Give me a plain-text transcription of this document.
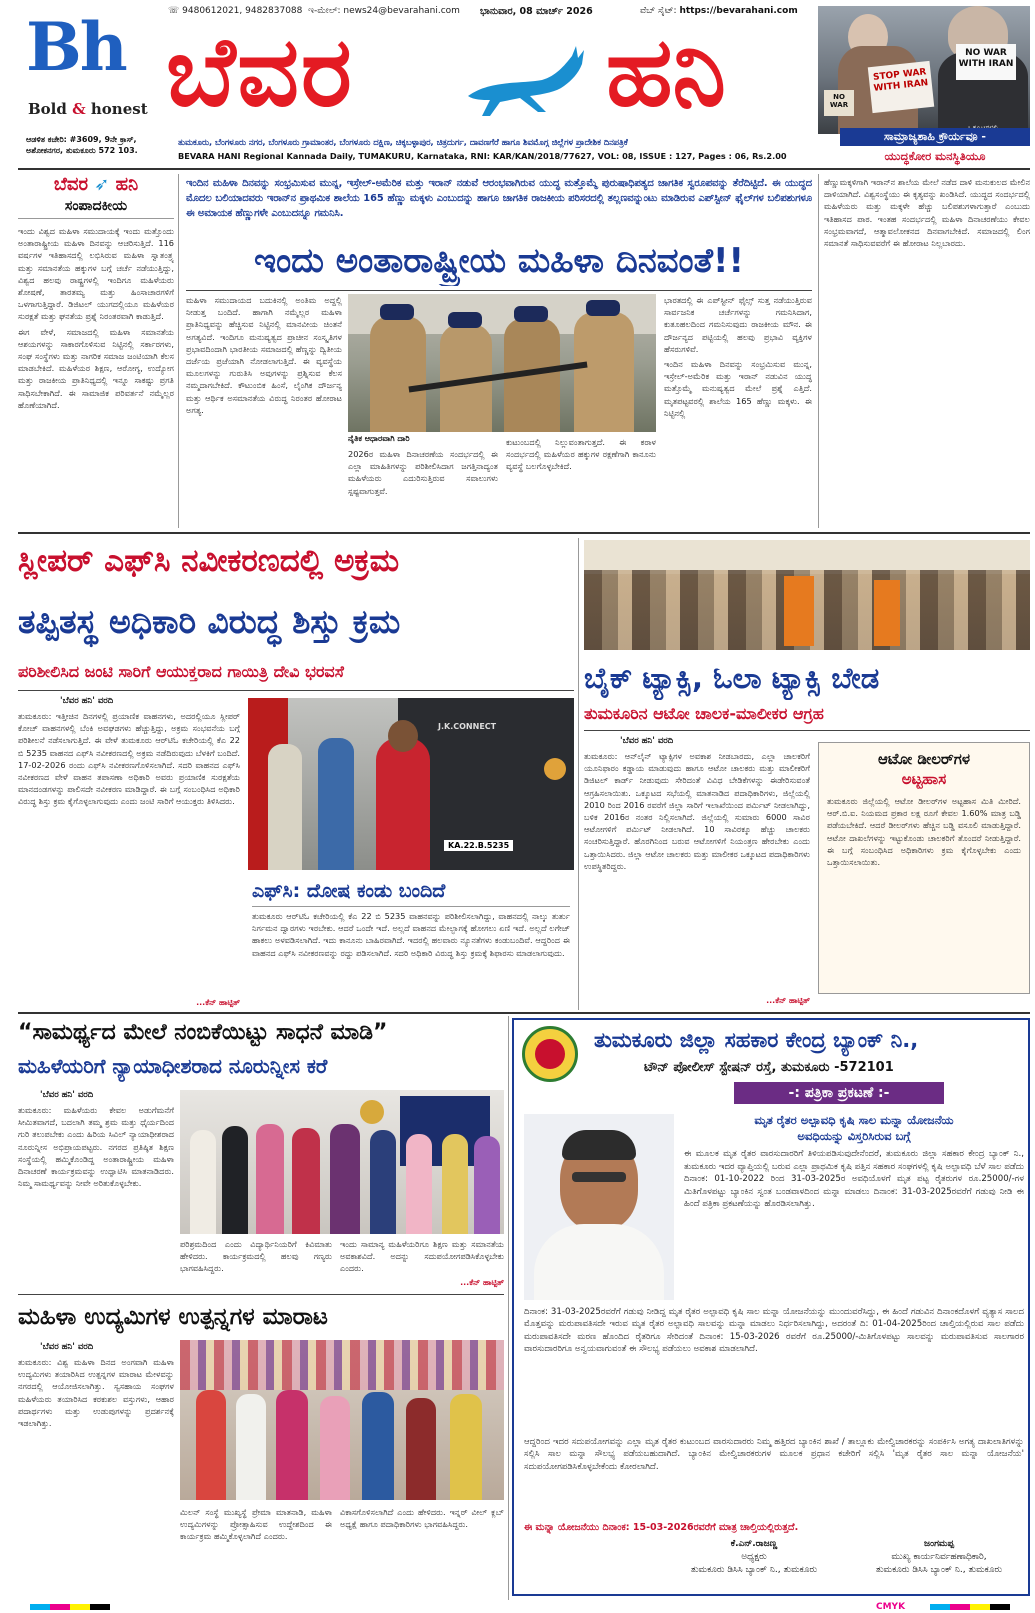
Bh
Bold & honest
☏ 9480612021, 9482837088 ಇ-ಮೇಲ್: news24@bevarahani.com	ಭಾನುವಾರ, 08 ಮಾರ್ಚ್ 2026	ವೆಬ್ ಸೈಟ್: https://bevarahani.com
ಬೆವರ	ಹನಿ
ಆಡಳಿತ ಕಚೇರಿ: #3609, 9ನೇ ಕ್ರಾಸ್,
ಅಶೋಕನಗರ, ತುಮಕೂರು 572 103.
ತುಮಕೂರು, ಬೆಂಗಳೂರು ನಗರ, ಬೆಂಗಳೂರು ಗ್ರಾಮಾಂತರ, ಬೆಂಗಳೂರು ದಕ್ಷಿಣ, ಚಿಕ್ಕಬಳ್ಳಾಪುರ, ಚಿತ್ರದುರ್ಗ, ದಾವಣಗೆರೆ ಹಾಗೂ ಶಿವಮೊಗ್ಗ ಜಿಲ್ಲೆಗಳ ಪ್ರಾದೇಶಿಕ ದಿನಪತ್ರಿಕೆ
BEVARA HANI Regional Kannada Daily, TUMAKURU, Karnataka, RNI: KAR/KAN/2018/77627, VOL: 08, ISSUE : 127, Pages : 06, Rs.2.00
STOP WAR WITH IRAN
NO WAR WITH IRAN
NO WAR
ಸಾಮ್ರಾಜ್ಯಶಾಹಿ ಕ್ರೌರ್ಯವೂ -
ಯುದ್ಧಕೋರ ಮನಸ್ಥಿತಿಯೂ
ಬೆವರ ➶ ಹನಿ
ಸಂಪಾದಕೀಯ

ಇಂದು ವಿಶ್ವದ ಮಹಿಳಾ ಸಮುದಾಯಕ್ಕೆ ಇಂದು ಮತ್ತೊಂದು ಅಂತಾರಾಷ್ಟ್ರೀಯ ಮಹಿಳಾ ದಿನವನ್ನು ಆಚರಿಸುತ್ತಿದೆ. 116 ವರ್ಷಗಳ ಇತಿಹಾಸದಲ್ಲಿ ಲಭಿಸಿರುವ ಮಹಿಳಾ ಸ್ವಾತಂತ್ರ್ಯ ಮತ್ತು ಸಮಾನತೆಯ ಹಕ್ಕುಗಳ ಬಗ್ಗೆ ಚರ್ಚೆ ನಡೆಯುತ್ತಿದ್ದು, ವಿಶ್ವದ ಹಲವು ರಾಷ್ಟ್ರಗಳಲ್ಲಿ ಇಂದಿಗೂ ಮಹಿಳೆಯರು ಶೋಷಣೆ, ತಾರತಮ್ಯ ಮತ್ತು ಹಿಂಸಾಚಾರಗಳಿಗೆ ಒಳಗಾಗುತ್ತಿದ್ದಾರೆ. ಡಿಜಿಟಲ್ ಯುಗದಲ್ಲಿಯೂ ಮಹಿಳೆಯರ ಸುರಕ್ಷತೆ ಮತ್ತು ಘನತೆಯ ಪ್ರಶ್ನೆ ನಿರಂತರವಾಗಿ ಕಾಡುತ್ತಿದೆ.

ಈಗ ವೇಳೆ, ಸಮಾಜದಲ್ಲಿ ಮಹಿಳಾ ಸಮಾನತೆಯ ಆಶಯಗಳನ್ನು ಸಾಕಾರಗೊಳಿಸುವ ನಿಟ್ಟಿನಲ್ಲಿ ಸರ್ಕಾರಗಳು, ಸಂಘ ಸಂಸ್ಥೆಗಳು ಮತ್ತು ನಾಗರಿಕ ಸಮಾಜ ಜಂಟಿಯಾಗಿ ಕೆಲಸ ಮಾಡಬೇಕಿದೆ. ಮಹಿಳೆಯರ ಶಿಕ್ಷಣ, ಆರೋಗ್ಯ, ಉದ್ಯೋಗ ಮತ್ತು ರಾಜಕೀಯ ಪ್ರಾತಿನಿಧ್ಯದಲ್ಲಿ ಇನ್ನೂ ಸಾಕಷ್ಟು ಪ್ರಗತಿ ಸಾಧಿಸಬೇಕಾಗಿದೆ. ಈ ಸಾಮಾಜಿಕ ಪರಿವರ್ತನೆ ನಮ್ಮೆಲ್ಲರ ಹೊಣೆಯಾಗಿದೆ.

ಇಂದಿನ ಮಹಿಳಾ ದಿನವನ್ನು ಸಂಭ್ರಮಿಸುವ ಮುನ್ನ, ಇಸ್ರೇಲ್-ಅಮೆರಿಕ ಮತ್ತು ಇರಾನ್ ನಡುವೆ ಆರಂಭವಾಗಿರುವ ಯುದ್ಧ ಮತ್ತೊಮ್ಮೆ ಪುರುಷಾಧಿಪತ್ಯದ ಜಾಗತಿಕ ಸ್ವರೂಪವನ್ನು ತೆರೆದಿಟ್ಟಿದೆ. ಈ ಯುದ್ಧದ ಮೊದಲ ಬಲಿಯಾದವರು ಇರಾನ್‌ನ ಪ್ರಾಥಮಿಕ ಶಾಲೆಯ 165 ಹೆಣ್ಣು ಮಕ್ಕಳು ಎಂಬುದನ್ನು ಹಾಗೂ ಜಾಗತಿಕ ರಾಜಕೀಯ ಪರಿಸರದಲ್ಲಿ ತಲ್ಲಣವನ್ನುಂಟು ಮಾಡಿರುವ ಎಪ್‌ಸ್ಟೀನ್ ಫೈಲ್‌ಗಳ ಬಲಿಪಶುಗಳೂ ಈ ಅಮಾಯಕ ಹೆಣ್ಣುಗಳೇ ಎಂಬುದನ್ನೂ ಗಮನಿಸಿ.
ಇಂದು ಅಂತಾರಾಷ್ಟ್ರೀಯ ಮಹಿಳಾ ದಿನವಂತೆ!!
ಮಹಿಳಾ ಸಮುದಾಯದ ಬದುಕಿನಲ್ಲಿ ಅಂತಿಮ ಅದ್ದಲ್ಲಿ ನೀಡುತ್ತ ಬಂದಿದೆ. ಹಾಗಾಗಿ ನಮ್ಮೆಲ್ಲರ ಮಹಿಳಾ ಪ್ರಾತಿನಿಧ್ಯವನ್ನು ಹೆಚ್ಚಿಸುವ ನಿಟ್ಟಿನಲ್ಲಿ ಮಾನವೀಯ ಚಿಂತನೆ ಅಗತ್ಯವಿದೆ. ಇಂದಿಗೂ ಮನುಷ್ಯತ್ವದ ಪ್ರಾಚೀನ ಸಂಸ್ಕೃತಿಗಳ ಪ್ರಭಾವದಿಂದಾಗಿ ಭಾರತೀಯ ಸಮಾಜದಲ್ಲಿ ಹೆಣ್ಣನ್ನು ದ್ವಿತೀಯ ದರ್ಜೆಯ ಪ್ರಜೆಯಾಗಿ ನೋಡಲಾಗುತ್ತಿದೆ. ಈ ವ್ಯವಸ್ಥೆಯ ಮೂಲಗಳನ್ನು ಗುರುತಿಸಿ ಅವುಗಳನ್ನು ಪ್ರಶ್ನಿಸುವ ಕೆಲಸ ನಮ್ಮದಾಗಬೇಕಿದೆ. ಕೌಟುಂಬಿಕ ಹಿಂಸೆ, ಲೈಂಗಿಕ ದೌರ್ಜನ್ಯ ಮತ್ತು ಆರ್ಥಿಕ ಅಸಮಾನತೆಯ ವಿರುದ್ಧ ನಿರಂತರ ಹೋರಾಟ ಅಗತ್ಯ.
ನೈತಿಕ ಆಧಾರವಾಗಿ ದಾರಿ
2026ರ ಮಹಿಳಾ ದಿನಾಚರಣೆಯ ಸಂದರ್ಭದಲ್ಲಿ ಈ ಎಲ್ಲಾ ಮಾಹಿತಿಗಳನ್ನು ಪರಿಶೀಲಿಸಿದಾಗ ಜಗತ್ತಿನಾದ್ಯಂತ ಮಹಿಳೆಯರು ಎದುರಿಸುತ್ತಿರುವ ಸವಾಲುಗಳು ಸ್ಪಷ್ಟವಾಗುತ್ತವೆ.
ಕುಟುಂಬದಲ್ಲಿ ನಿಲ್ಲುವಂತಾಗುತ್ತದೆ. ಈ ಕರಾಳ ಸಂದರ್ಭದಲ್ಲಿ ಮಹಿಳೆಯರ ಹಕ್ಕುಗಳ ರಕ್ಷಣೆಗಾಗಿ ಕಾನೂನು ವ್ಯವಸ್ಥೆ ಬಲಗೊಳ್ಳಬೇಕಿದೆ.

ಭಾರತದಲ್ಲಿ ಈ ಎಪ್‌ಸ್ಟೀನ್ ಫೈಲ್ಸ್ ಸುತ್ತ ನಡೆಯುತ್ತಿರುವ ಸಾರ್ವಜನಿಕ ಚರ್ಚೆಗಳನ್ನು ಗಮನಿಸಿದಾಗ, ಕುತೂಹಲದಿಂದ ಗಮನಿಸುವುದು ರಾಜಕೀಯ ಮೌನ. ಈ ದೌರ್ಜನ್ಯದ ಪಟ್ಟಿಯಲ್ಲಿ ಹಲವು ಪ್ರಭಾವಿ ವ್ಯಕ್ತಿಗಳ ಹೆಸರುಗಳಿವೆ.

ಇಂದಿನ ಮಹಿಳಾ ದಿನವನ್ನು ಸಂಭ್ರಮಿಸುವ ಮುನ್ನ, ಇಸ್ರೇಲ್-ಅಮೆರಿಕ ಮತ್ತು ಇರಾನ್ ನಡುವಿನ ಯುದ್ಧ ಮತ್ತೊಮ್ಮೆ ಮನುಷ್ಯತ್ವದ ಮೇಲೆ ಪ್ರಶ್ನೆ ಎತ್ತಿದೆ. ಮೃತಪಟ್ಟವರಲ್ಲಿ ಶಾಲೆಯ 165 ಹೆಣ್ಣು ಮಕ್ಕಳು. ಈ ನಿಟ್ಟಿನಲ್ಲಿ

ಹೆಣ್ಣುಮಕ್ಕಳಿಗಾಗಿ ಇರಾನ್‌ನ ಶಾಲೆಯ ಮೇಲೆ ನಡೆದ ದಾಳಿ ಮನುಕುಲದ ಮೇಲಿನ ದಾಳಿಯಾಗಿದೆ. ವಿಶ್ವಸಂಸ್ಥೆಯು ಈ ಕೃತ್ಯವನ್ನು ಖಂಡಿಸಿದೆ. ಯುದ್ಧದ ಸಂದರ್ಭದಲ್ಲಿ ಮಹಿಳೆಯರು ಮತ್ತು ಮಕ್ಕಳೇ ಹೆಚ್ಚು ಬಲಿಪಶುಗಳಾಗುತ್ತಾರೆ ಎಂಬುದು ಇತಿಹಾಸದ ಪಾಠ. ಇಂತಹ ಸಂದರ್ಭದಲ್ಲಿ ಮಹಿಳಾ ದಿನಾಚರಣೆಯು ಕೇವಲ ಸಂಭ್ರಮವಾಗದೆ, ಆತ್ಮಾವಲೋಕನದ ದಿನವಾಗಬೇಕಿದೆ. ಸಮಾಜದಲ್ಲಿ ಲಿಂಗ ಸಮಾನತೆ ಸಾಧಿಸುವವರೆಗೆ ಈ ಹೋರಾಟ ನಿಲ್ಲಬಾರದು.
ಸ್ಲೀಪರ್ ಎಫ್‌ಸಿ ನವೀಕರಣದಲ್ಲಿ ಅಕ್ರಮ
ತಪ್ಪಿತಸ್ಥ ಅಧಿಕಾರಿ ವಿರುದ್ಧ ಶಿಸ್ತು ಕ್ರಮ
ಪರಿಶೀಲಿಸಿದ ಜಂಟಿ ಸಾರಿಗೆ ಆಯುಕ್ತರಾದ ಗಾಯಿತ್ರಿ ದೇವಿ ಭರವಸೆ
'ಬೆವರ ಹನಿ' ವರದಿ
ತುಮಕೂರು: ಇತ್ತೀಚಿನ ದಿನಗಳಲ್ಲಿ ಪ್ರಯಾಣಿಕ ವಾಹನಗಳು, ಅದರಲ್ಲಿಯೂ ಸ್ಲೀಪರ್ ಕೋಚ್ ವಾಹನಗಳಲ್ಲಿ ಬೆಂಕಿ ಅವಘಡಗಳು ಹೆಚ್ಚುತ್ತಿದ್ದು, ಅಕ್ರಮ ಸಂಭವನೆಯ ಬಗ್ಗೆ ಪರಿಶೀಲನೆ ನಡೆಸಲಾಗುತ್ತಿದೆ. ಈ ವೇಳೆ ತುಮಕೂರು ಆರ್‌ಟಿಓ ಕಚೇರಿಯಲ್ಲಿ ಕೆಎ 22 ಬಿ 5235 ವಾಹನದ ಎಫ್‌ಸಿ ನವೀಕರಣದಲ್ಲಿ ಅಕ್ರಮ ನಡೆದಿರುವುದು ಬೆಳಕಿಗೆ ಬಂದಿದೆ. 17-02-2026 ರಂದು ಎಫ್‌ಸಿ ನವೀಕರಣಗೊಳಿಸಲಾಗಿದೆ. ಸದರಿ ವಾಹನದ ಎಫ್‌ಸಿ ನವೀಕರಣದ ವೇಳೆ ವಾಹನ ತಪಾಸಣಾ ಅಧಿಕಾರಿ ಅವರು ಪ್ರಯಾಣಿಕ ಸುರಕ್ಷತೆಯ ಮಾನದಂಡಗಳನ್ನು ಪಾಲಿಸದೇ ನವೀಕರಣ ಮಾಡಿದ್ದಾರೆ. ಈ ಬಗ್ಗೆ ಸಂಬಂಧಿಸಿದ ಅಧಿಕಾರಿ ವಿರುದ್ಧ ಶಿಸ್ತು ಕ್ರಮ ಕೈಗೊಳ್ಳಲಾಗುವುದು ಎಂದು ಜಂಟಿ ಸಾರಿಗೆ ಆಯುಕ್ತರು ತಿಳಿಸಿದರು.
...ಕೆನ್ ಹಾಟ್ಪಿತ್
J.K.CONNECT
KA.22.B.5235
ಎಫ್‌ಸಿ: ದೋಷ ಕಂಡು ಬಂದಿದೆ
ತುಮಕೂರು ಆರ್‌ಟಿಓ ಕಚೇರಿಯಲ್ಲಿ ಕೆಎ 22 ಬಿ 5235 ವಾಹನವನ್ನು ಪರಿಶೀಲಿಸಲಾಗಿದ್ದು, ವಾಹನದಲ್ಲಿ ನಾಲ್ಕು ತುರ್ತು ನಿರ್ಗಮನ ದ್ವಾರಗಳು ಇರಬೇಕು. ಆದರೆ ಒಂದೇ ಇದೆ. ಅಲ್ಲದೆ ವಾಹನದ ಮೇಲ್ಭಾಗಕ್ಕೆ ಹೋಗಲು ಏಣಿ ಇದೆ. ಅಲ್ಲದೆ ಲಗೇಜ್ ಹಾಕಲು ಅಳವಡಿಸಲಾಗಿದೆ. ಇದು ಕಾನೂನು ಬಾಹಿರವಾಗಿದೆ. ಇದರಲ್ಲಿ ಹಲವಾರು ನ್ಯೂನತೆಗಳು ಕಂಡುಬಂದಿವೆ. ಆದ್ದರಿಂದ ಈ ವಾಹನದ ಎಫ್‌ಸಿ ನವೀಕರಣವನ್ನು ರದ್ದು ಪಡಿಸಲಾಗಿದೆ. ಸದರಿ ಅಧಿಕಾರಿ ವಿರುದ್ಧ ಶಿಸ್ತು ಕ್ರಮಕ್ಕೆ ಶಿಫಾರಸು ಮಾಡಲಾಗುವುದು.
ಬೈಕ್ ಟ್ಯಾಕ್ಸಿ, ಓಲಾ ಟ್ಯಾಕ್ಸಿ ಬೇಡ
ತುಮಕೂರಿನ ಆಟೋ ಚಾಲಕ-ಮಾಲೀಕರ ಆಗ್ರಹ
'ಬೆವರ ಹನಿ' ವರದಿ
ತುಮಕೂರು: ಆನ್‌ಲೈನ್ ಟ್ಯಾಕ್ಸಿಗಳ ಅವಕಾಶ ನೀಡಬಾರದು, ಎಲ್ಲಾ ಚಾಲಕರಿಗೆ ಯೂನಿಫಾರಂ ಕಡ್ಡಾಯ ಮಾಡುವುದು ಹಾಗೂ ಆಟೋ ಚಾಲಕರು ಮತ್ತು ಮಾಲೀಕರಿಗೆ ಡಿಜಿಟಲ್ ಕಾರ್ಡ್ ನೀಡುವುದು ಸೇರಿದಂತೆ ವಿವಿಧ ಬೇಡಿಕೆಗಳನ್ನು ಈಡೇರಿಸುವಂತೆ ಆಗ್ರಹಿಸಲಾಯಿತು. ಒಕ್ಕೂಟದ ಸಭೆಯಲ್ಲಿ ಮಾತನಾಡಿದ ಪದಾಧಿಕಾರಿಗಳು, ಜಿಲ್ಲೆಯಲ್ಲಿ 2010 ರಿಂದ 2016 ರವರೆಗೆ ಜಿಲ್ಲಾ ಸಾರಿಗೆ ಇಲಾಖೆಯಿಂದ ಪರ್ಮಿಟ್ ನೀಡಲಾಗಿದ್ದು, ಬಳಿಕ 2016ರ ನಂತರ ನಿಲ್ಲಿಸಲಾಗಿದೆ. ಜಿಲ್ಲೆಯಲ್ಲಿ ಸುಮಾರು 6000 ಸಾವಿರ ಆಟೋಗಳಿಗೆ ಪರ್ಮಿಟ್ ನೀಡಲಾಗಿದೆ. 10 ಸಾವಿರಕ್ಕೂ ಹೆಚ್ಚು ಚಾಲಕರು ಸಂಚರಿಸುತ್ತಿದ್ದಾರೆ. ಹೊರಗಿನಿಂದ ಬರುವ ಆಟೋಗಳಿಗೆ ನಿಯಂತ್ರಣ ಹೇರಬೇಕು ಎಂದು ಒತ್ತಾಯಿಸಿದರು. ಜಿಲ್ಲಾ ಆಟೋ ಚಾಲಕರು ಮತ್ತು ಮಾಲೀಕರ ಒಕ್ಕೂಟದ ಪದಾಧಿಕಾರಿಗಳು ಉಪಸ್ಥಿತರಿದ್ದರು.
...ಕೆನ್ ಹಾಟ್ಪಿತ್
ಆಟೋ ಡೀಲರ್‌ಗಳ
ಅಟ್ಟಹಾಸ
ತುಮಕೂರು ಜಿಲ್ಲೆಯಲ್ಲಿ ಆಟೋ ಡೀಲರ್‌ಗಳ ಅಟ್ಟಹಾಸ ಮಿತಿ ಮೀರಿದೆ. ಆರ್.ಬಿ.ಐ. ನಿಯಮದ ಪ್ರಕಾರ ಲಕ್ಷ ರೂಗೆ ಕೇವಲ 1.60% ಮಾತ್ರ ಬಡ್ಡಿ ಪಡೆಯಬೇಕಿದೆ. ಆದರೆ ಡೀಲರ್‌ಗಳು ಹೆಚ್ಚಿನ ಬಡ್ಡಿ ವಸೂಲಿ ಮಾಡುತ್ತಿದ್ದಾರೆ. ಆಟೋ ದಾಖಲೆಗಳನ್ನು ಇಟ್ಟುಕೊಂಡು ಚಾಲಕರಿಗೆ ತೊಂದರೆ ನೀಡುತ್ತಿದ್ದಾರೆ. ಈ ಬಗ್ಗೆ ಸಂಬಂಧಿಸಿದ ಅಧಿಕಾರಿಗಳು ಕ್ರಮ ಕೈಗೊಳ್ಳಬೇಕು ಎಂದು ಒತ್ತಾಯಿಸಲಾಯಿತು.
“ಸಾಮರ್ಥ್ಯದ ಮೇಲೆ ನಂಬಿಕೆಯಿಟ್ಟು ಸಾಧನೆ ಮಾಡಿ”
ಮಹಿಳೆಯರಿಗೆ ನ್ಯಾಯಾಧೀಶರಾದ ನೂರುನ್ನೀಸ ಕರೆ
'ಬೆವರ ಹನಿ' ವರದಿ
ತುಮಕೂರು: ಮಹಿಳೆಯರು ಕೇವಲ ಅಡುಗೆಮನೆಗೆ ಸೀಮಿತವಾಗದೆ, ಬದಲಾಗಿ ತಮ್ಮ ಶ್ರಮ ಮತ್ತು ಧೈರ್ಯದಿಂದ ಗುರಿ ತಲುಪಬೇಕು ಎಂದು ಹಿರಿಯ ಸಿವಿಲ್ ನ್ಯಾಯಾಧೀಶರಾದ ನೂರುನ್ನೀಸ ಅಭಿಪ್ರಾಯಪಟ್ಟರು. ನಗರದ ಪ್ರತಿಷ್ಠಿತ ಶಿಕ್ಷಣ ಸಂಸ್ಥೆಯಲ್ಲಿ ಹಮ್ಮಿಕೊಂಡಿದ್ದ ಅಂತಾರಾಷ್ಟ್ರೀಯ ಮಹಿಳಾ ದಿನಾಚರಣೆ ಕಾರ್ಯಕ್ರಮವನ್ನು ಉದ್ಘಾಟಿಸಿ ಮಾತನಾಡಿದರು. ನಿಮ್ಮ ಸಾಮರ್ಥ್ಯವನ್ನು ನೀವೇ ಅರಿತುಕೊಳ್ಳಬೇಕು.
ಪರಿಶ್ರಮದಿಂದ ಎಂದು ವಿದ್ಯಾರ್ಥಿನಿಯರಿಗೆ ಕಿವಿಮಾತು ಹೇಳಿದರು. ಕಾರ್ಯಕ್ರಮದಲ್ಲಿ ಹಲವು ಗಣ್ಯರು ಭಾಗವಹಿಸಿದ್ದರು.
ಇಂದು ಸಾಮಾನ್ಯ ಮಹಿಳೆಯರಿಗೂ ಶಿಕ್ಷಣ ಮತ್ತು ಸಮಾನತೆಯ ಅವಕಾಶವಿದೆ. ಅದನ್ನು ಸದುಪಯೋಗಪಡಿಸಿಕೊಳ್ಳಬೇಕು ಎಂದರು.
...ಕೆನ್ ಹಾಟ್ಪಿತ್
ಮಹಿಳಾ ಉದ್ಯಮಿಗಳ ಉತ್ಪನ್ನಗಳ ಮಾರಾಟ
'ಬೆವರ ಹನಿ' ವರದಿ
ತುಮಕೂರು: ವಿಶ್ವ ಮಹಿಳಾ ದಿನದ ಅಂಗವಾಗಿ ಮಹಿಳಾ ಉದ್ಯಮಿಗಳು ತಯಾರಿಸಿದ ಉತ್ಪನ್ನಗಳ ಮಾರಾಟ ಮೇಳವನ್ನು ನಗರದಲ್ಲಿ ಆಯೋಜಿಸಲಾಗಿತ್ತು. ಸ್ವಸಹಾಯ ಸಂಘಗಳ ಮಹಿಳೆಯರು ತಯಾರಿಸಿದ ಕರಕುಶಲ ವಸ್ತುಗಳು, ಆಹಾರ ಪದಾರ್ಥಗಳು ಮತ್ತು ಉಡುಪುಗಳನ್ನು ಪ್ರದರ್ಶನಕ್ಕೆ ಇಡಲಾಗಿತ್ತು.
ಮಿಲನ್ ಸಂಸ್ಥೆ ಮುಖ್ಯಸ್ಥೆ ಪ್ರೇಮಾ ಮಾತನಾಡಿ, ಮಹಿಳಾ ಉದ್ಯಮಿಗಳನ್ನು ಪ್ರೋತ್ಸಾಹಿಸುವ ಉದ್ದೇಶದಿಂದ ಈ ಕಾರ್ಯಕ್ರಮ ಹಮ್ಮಿಕೊಳ್ಳಲಾಗಿದೆ ಎಂದರು.
ವಿಕಾಸಗೊಳಿಸಲಾಗಿದೆ ಎಂದು ಹೇಳಿದರು. ಇನ್ನರ್ ವೀಲ್ ಕ್ಲಬ್ ಅಧ್ಯಕ್ಷೆ ಹಾಗೂ ಪದಾಧಿಕಾರಿಗಳು ಭಾಗವಹಿಸಿದ್ದರು.
ತುಮಕೂರು ಜಿಲ್ಲಾ ಸಹಕಾರ ಕೇಂದ್ರ ಬ್ಯಾಂಕ್ ನಿ.,
ಟೌನ್ ಪೋಲೀಸ್ ಸ್ಟೇಷನ್ ರಸ್ತೆ, ತುಮಕೂರು -572101
-: ಪತ್ರಿಕಾ ಪ್ರಕಟಣೆ :-
ಮೃತ ರೈತರ ಅಲ್ಪಾವಧಿ ಕೃಷಿ ಸಾಲ ಮನ್ನಾ ಯೋಜನೆಯ
ಅವಧಿಯನ್ನು ವಿಸ್ತರಿಸಿರುವ ಬಗ್ಗೆ
ಈ ಮೂಲಕ ಮೃತ ರೈತರ ವಾರಸುದಾರರಿಗೆ ತಿಳಿಯಪಡಿಸುವುದೇನೆಂದರೆ, ತುಮಕೂರು ಜಿಲ್ಲಾ ಸಹಕಾರ ಕೇಂದ್ರ ಬ್ಯಾಂಕ್ ನಿ., ತುಮಕೂರು ಇದರ ವ್ಯಾಪ್ತಿಯಲ್ಲಿ ಬರುವ ಎಲ್ಲಾ ಪ್ರಾಥಮಿಕ ಕೃಷಿ ಪತ್ತಿನ ಸಹಕಾರ ಸಂಘಗಳಲ್ಲಿ ಕೃಷಿ ಅಲ್ಪಾವಧಿ ಬೆಳೆ ಸಾಲ ಪಡೆದು ದಿನಾಂಕ: 01-10-2022 ರಿಂದ 31-03-2025ರ ಅವಧಿಯೊಳಗೆ ಮೃತ ಪಟ್ಟ ರೈತರುಗಳ ರೂ.25000/-ಗಳ ಮಿತಿಗೊಳಪಟ್ಟು ಬ್ಯಾಂಕಿನ ಸ್ವಂತ ಬಂಡವಾಳದಿಂದ ಮನ್ನಾ ಮಾಡಲು ದಿನಾಂಕ: 31-03-2025ರವರೆಗೆ ಗಡುವು ನೀಡಿ ಈ ಹಿಂದೆ ಪತ್ರಿಕಾ ಪ್ರಕಟಣೆಯನ್ನು ಹೊರಡಿಸಲಾಗಿತ್ತು.
ದಿನಾಂಕ: 31-03-2025ರವರೆಗೆ ಗಡುವು ನೀಡಿದ್ದ ಮೃತ ರೈತರ ಅಲ್ಪಾವಧಿ ಕೃಷಿ ಸಾಲ ಮನ್ನಾ ಯೋಜನೆಯನ್ನು ಮುಂದುವರೆಸಿದ್ದು, ಈ ಹಿಂದೆ ಗಡುವಿನ ದಿನಾಂಕದೊಳಗೆ ವ್ಯತ್ಯಾಸ ಸಾಲದ ಮೊತ್ತವನ್ನು ಮರುಪಾವತಿಸದೇ ಇರುವ ಮೃತ ರೈತರ ಅಲ್ಪಾವಧಿ ಸಾಲವನ್ನು ಮನ್ನಾ ಮಾಡಲು ನಿರ್ಧರಿಸಲಾಗಿದ್ದು, ಅದರಂತೆ ದಿ: 01-04-2025ರಿಂದ ಚಾಲ್ತಿಯಲ್ಲಿರುವ ಸಾಲ ಪಡೆದು ಮರುಪಾವತಿಸದೇ ಮರಣ ಹೊಂದಿದ ರೈತರಿಗೂ ಸೇರಿದಂತೆ ದಿನಾಂಕ: 15-03-2026 ರವರೆಗೆ ರೂ.25000/-ಮಿತಿಗೊಳಪಟ್ಟು ಸಾಲವನ್ನು ಮರುಪಾವತಿಸುವ ಸಾಲಗಾರರ ವಾರಸುದಾರರಿಗೂ ಅನ್ವಯವಾಗುವಂತೆ ಈ ಸೌಲಭ್ಯ ಪಡೆಯಲು ಅವಕಾಶ ಮಾಡಲಾಗಿದೆ.
ಆದ್ದರಿಂದ ಇದರ ಸದುಪಯೋಗವನ್ನು ಎಲ್ಲಾ ಮೃತ ರೈತರ ಕುಟುಂಬದ ವಾರಸುದಾರರು ನಿಮ್ಮ ಹತ್ತಿರದ ಬ್ಯಾಂಕಿನ ಶಾಖೆ / ತಾಲ್ಲೂಕು ಮೇಲ್ವಿಚಾರಕರನ್ನು ಸಂಪರ್ಕಿಸಿ ಅಗತ್ಯ ದಾಖಲಾತಿಗಳನ್ನು ಸಲ್ಲಿಸಿ ಸಾಲ ಮನ್ನಾ ಸೌಲಭ್ಯ ಪಡೆಯಬಹುದಾಗಿದೆ. ಬ್ಯಾಂಕಿನ ಮೇಲ್ವಿಚಾರಕರುಗಳ ಮೂಲಕ ಪ್ರಧಾನ ಕಚೇರಿಗೆ ಸಲ್ಲಿಸಿ 'ಮೃತ ರೈತರ ಸಾಲ ಮನ್ನಾ ಯೋಜನೆಯ' ಸದುಪಯೋಗಪಡಿಸಿಕೊಳ್ಳಬೇಕೆಂದು ಕೋರಲಾಗಿದೆ.
ಈ ಮನ್ನಾ ಯೋಜನೆಯು ದಿನಾಂಕ: 15-03-2026ರವರೆಗೆ ಮಾತ್ರ ಚಾಲ್ತಿಯಲ್ಲಿರುತ್ತದೆ.
ಕೆ.ಎನ್.ರಾಜಣ್ಣ
ಅಧ್ಯಕ್ಷರು
ತುಮಕೂರು ಡಿಸಿಸಿ ಬ್ಯಾಂಕ್ ನಿ., ತುಮಕೂರು
ಜಂಗಮಪ್ಪ
ಮುಖ್ಯ ಕಾರ್ಯನಿರ್ವಹಣಾಧಿಕಾರಿ,
ತುಮಕೂರು ಡಿಸಿಸಿ ಬ್ಯಾಂಕ್ ನಿ., ತುಮಕೂರು
CMYK
